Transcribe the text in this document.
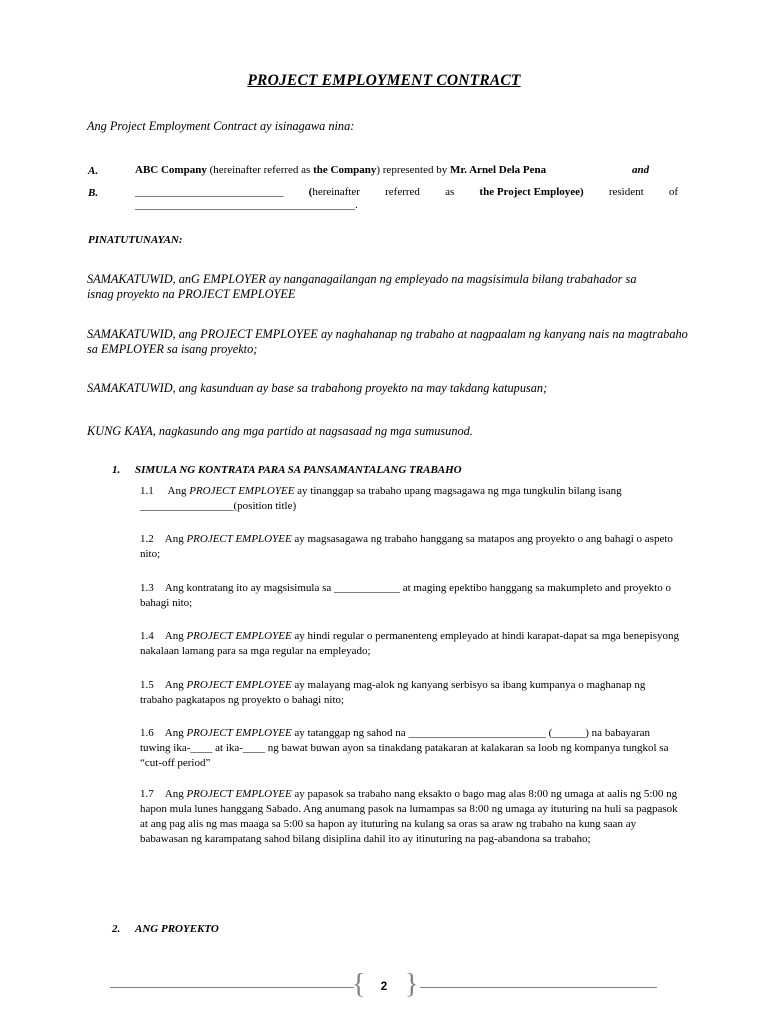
PROJECT EMPLOYMENT CONTRACT
Ang Project Employment Contract ay isinagawa nina:
A.	ABC Company (hereinafter referred as the Company) represented by Mr. Arnel Dela Pena	and
B.	___________________________ (hereinafter referred as the Project Employee) resident of
________________________________________.
PINATUTUNAYAN:
SAMAKATUWID, anG EMPLOYER ay nanganagailangan ng empleyado na magsisimula bilang trabahador sa isnag proyekto na PROJECT EMPLOYEE
SAMAKATUWID, ang PROJECT EMPLOYEE ay naghahanap ng trabaho at nagpaalam ng kanyang nais na magtrabaho sa EMPLOYER sa isang proyekto;
SAMAKATUWID, ang kasunduan ay base sa trabahong proyekto na may takdang katupusan;
KUNG KAYA, nagkasundo ang mga partido at nagsasaad ng mga sumusunod.
1. SIMULA NG KONTRATA PARA SA PANSAMANTALANG TRABAHO
1.1 Ang PROJECT EMPLOYEE ay tinanggap sa trabaho upang magsagawa ng mga tungkulin bilang isang _________________(position title)
1.2 Ang PROJECT EMPLOYEE ay magsasagawa ng trabaho hanggang sa matapos ang proyekto o ang bahagi o aspeto nito;
1.3 Ang kontratang ito ay magsisimula sa ____________ at maging epektibo hanggang sa makumpleto and proyekto o bahagi nito;
1.4 Ang PROJECT EMPLOYEE ay hindi regular o permanenteng empleyado at hindi karapat-dapat sa mga benepisyong nakalaan lamang para sa mga regular na empleyado;
1.5 Ang PROJECT EMPLOYEE ay malayang mag-alok ng kanyang serbisyo sa ibang kumpanya o maghanap ng trabaho pagkatapos ng proyekto o bahagi nito;
1.6 Ang PROJECT EMPLOYEE ay tatanggap ng sahod na _________________________ (______) na babayaran tuwing ika-____ at ika-____ ng bawat buwan ayon sa tinakdang patakaran at kalakaran sa loob ng kompanya tungkol sa “cut-off period”
1.7 Ang PROJECT EMPLOYEE ay papasok sa trabaho nang eksakto o bago mag alas 8:00 ng umaga at aalis ng 5:00 ng hapon mula lunes hanggang Sabado. Ang anumang pasok na lumampas sa 8:00 ng umaga ay ituturing na huli sa pagpasok at ang pag alis ng mas maaga sa 5:00 sa hapon ay ituturing na kulang sa oras sa araw ng trabaho na kung saan ay babawasan ng karampatang sahod bilang disiplina dahil ito ay itinuturing na pag-abandona sa trabaho;
2. ANG PROYEKTO
{	2 }
